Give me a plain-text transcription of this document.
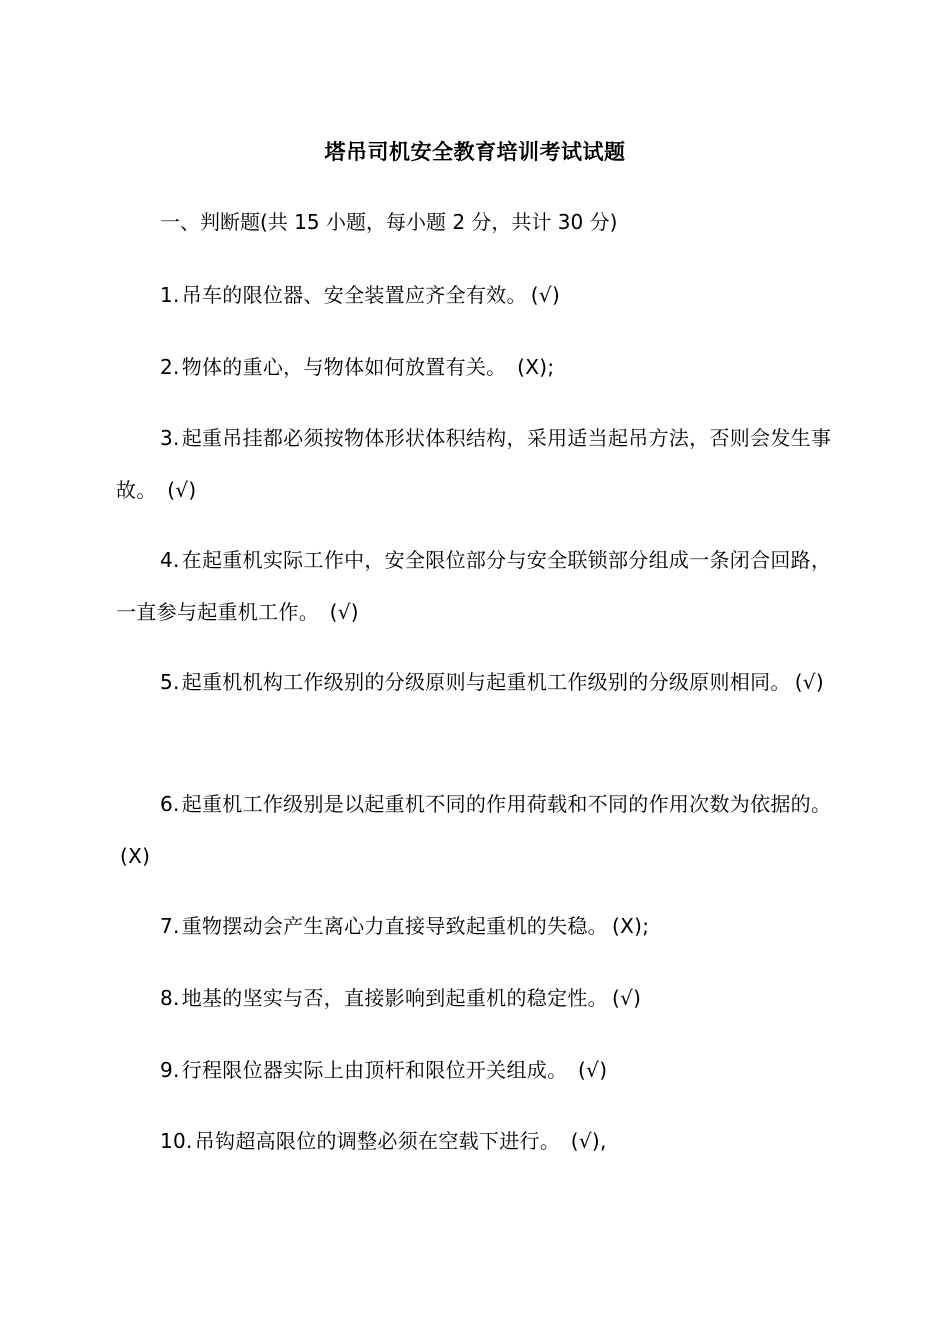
塔吊司机安全教育培训考试试题
一、判断题(共 15 小题，每小题 2 分，共计 30 分)
1. 吊车的限位器、安全装置应齐全有效。 (√)
2. 物体的重心，与物体如何放置有关。 (X);
3. 起重吊挂都必须按物体形状体积结构，采用适当起吊方法，否则会发生事故。 (√)
4. 在起重机实际工作中，安全限位部分与安全联锁部分组成一条闭合回路，一直参与起重机工作。 (√)
5. 起重机机构工作级别的分级原则与起重机工作级别的分级原则相同。 (√)
6. 起重机工作级别是以起重机不同的作用荷载和不同的作用次数为依据的。(X)
7. 重物摆动会产生离心力直接导致起重机的失稳。 (X);
8. 地基的坚实与否，直接影响到起重机的稳定性。 (√)
9. 行程限位器实际上由顶杆和限位开关组成。 (√)
10. 吊钩超高限位的调整必须在空载下进行。 (√),
